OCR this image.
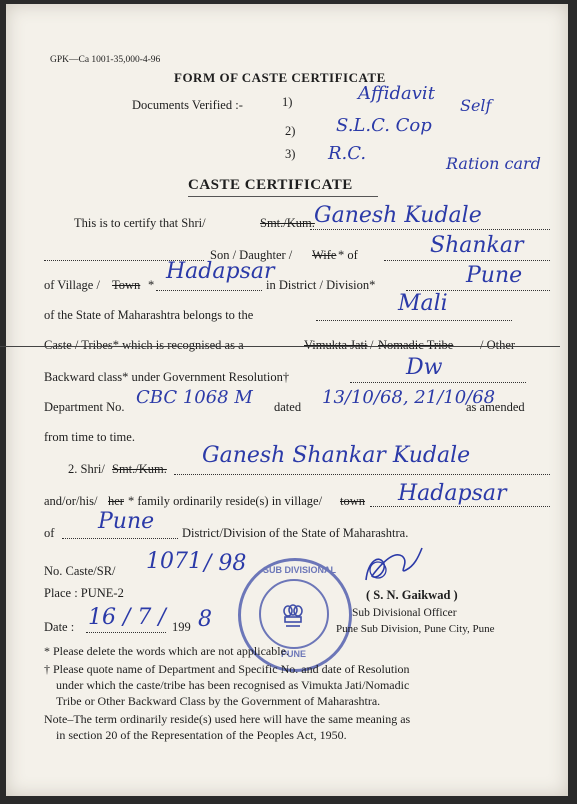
GPK—Ca 1001-35,000-4-96
FORM OF CASTE CERTIFICATE
Documents Verified :-	1)
2)
3)
Affidavit
Self
S.L.C. Cop
R.C.	Ration card
CASTE CERTIFICATE
This is to certify that Shri/	Smt./Kum. Ganesh Kudale
Son / Daughter / Wife * of	Shankar
of Village / Town *
Hadapsar
in District / Division*	Pune
of the State of Maharashtra belongs to the	Mali
Caste / Tribes* which is recognised as a	Vimukta Jati / Nomadic Tribe / Other
Backward class* under Government Resolution†	Dw
Department No. CBC 1068 M dated 13/10/68, 21/10/68
as amended
from time to time.
2. Shri/ Smt./Kum.
Ganesh Shankar Kudale
and/or/his/ her * family ordinarily reside(s) in village/ town Hadapsar
of Pune District/Division of the State of Maharashtra.
No. Caste/SR/ 1071 / 98
Place : PUNE-2
Date : 16 / 7 / 199 8
SUB DIVISIONAL
PUNE
( S. N. Gaikwad )
Sub Divisional Officer
Pune Sub Division, Pune City, Pune
* Please delete the words which are not applicable.
† Please quote name of Department and Specific No. and date of Resolution
under which the caste/tribe has been recognised as Vimukta Jati/Nomadic
Tribe or Other Backward Class by the Government of Maharashtra.
Note–The term ordinarily reside(s) used here will have the same meaning as
in section 20 of the Representation of the Peoples Act, 1950.
